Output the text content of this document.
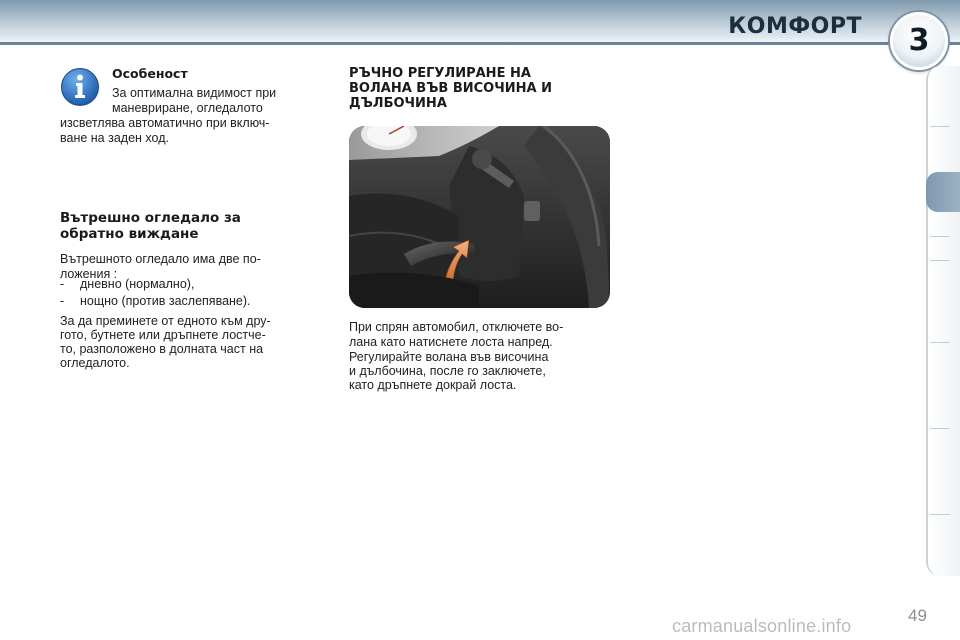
КОМФОРТ	3

Особеност

За оптимална видимост при

маневриране, огледалото

изсветлява автоматично при включ-

ване на заден ход.

Вътрешно огледало за

обратно виждане

Вътрешното огледало има две по-

ложения :

- дневно (нормално),
- нощно (против заслепяване).

За да преминете от едното към дру-

гото, бутнете или дръпнете лостче-

то, разположено в долната част на

огледалото.

РЪЧНО РЕГУЛИРАНЕ НА

ВОЛАНА ВЪВ ВИСОЧИНА И

ДЪЛБОЧИНА

При спрян автомобил, отключете во-

лана като натиснете лоста напред.

Регулирайте волана във височина

и дълбочина, после го заключете,

като дръпнете докрай лоста.

carmanualsonline.info
49
